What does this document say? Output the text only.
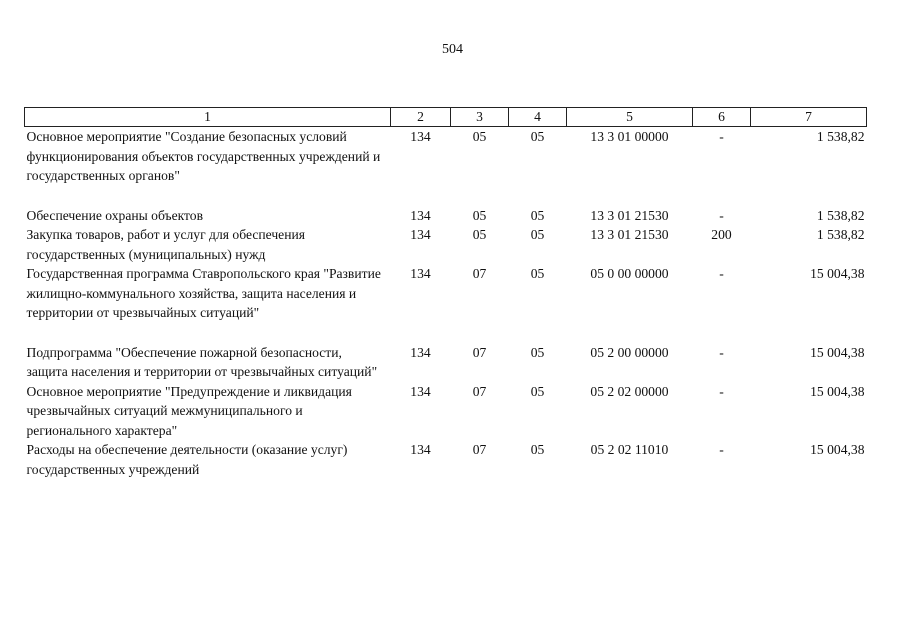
504
1	2	3	4	5	6	7
Основное мероприятие "Создание безопасных условий функционирования объектов государственных учреждений и государственных органов"	134	05	05	13 3 01 00000	-	1 538,82
Обеспечение охраны объектов	134	05	05	13 3 01 21530	-	1 538,82
Закупка товаров, работ и услуг для обеспечения государственных (муниципальных) нужд	134	05	05	13 3 01 21530	200	1 538,82
Государственная программа Ставропольского края "Развитие жилищно-коммунального хозяйства, защита населения и территории от чрезвычайных ситуаций"	134	07	05	05 0 00 00000	-	15 004,38
Подпрограмма "Обеспечение пожарной безопасности, защита населения и территории от чрезвычайных ситуаций"	134	07	05	05 2 00 00000	-	15 004,38
Основное мероприятие "Предупреждение и ликвидация чрезвычайных ситуаций межмуниципального и регионального характера"	134	07	05	05 2 02 00000	-	15 004,38
Расходы на обеспечение деятельности (оказание услуг) государственных учреждений	134	07	05	05 2 02 11010	-	15 004,38
